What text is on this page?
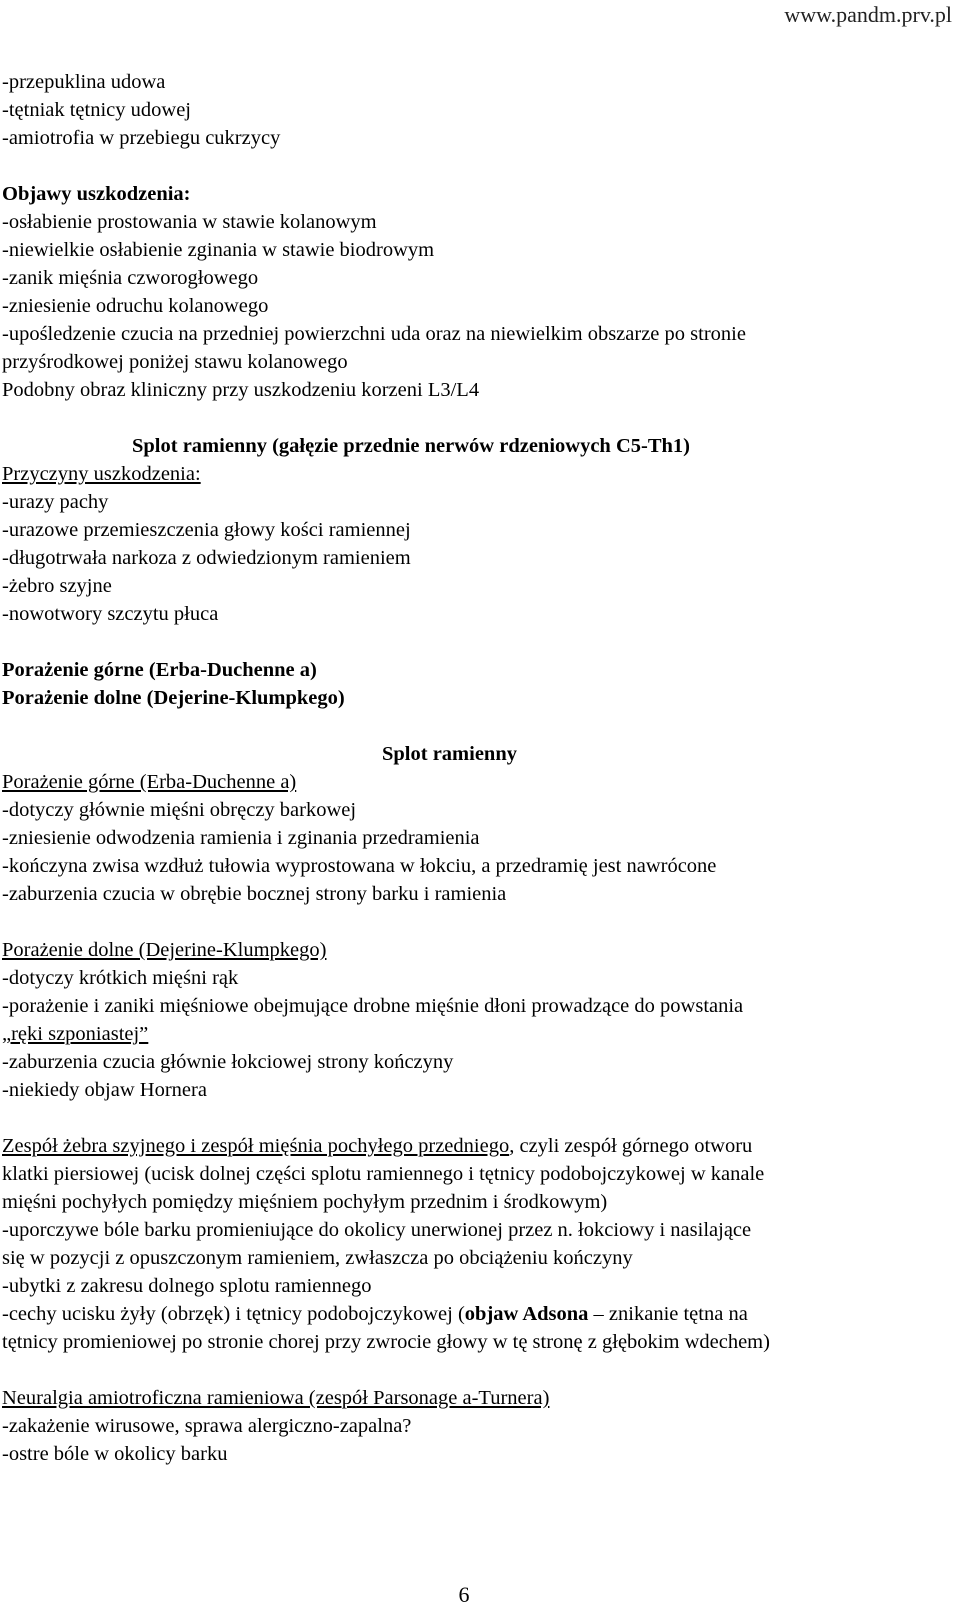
www.pandm.prv.pl
-przepuklina udowa
-tętniak tętnicy udowej
-amiotrofia w przebiegu cukrzycy
Objawy uszkodzenia:
-osłabienie prostowania w stawie kolanowym
-niewielkie osłabienie zginania w stawie biodrowym
-zanik mięśnia czworogłowego
-zniesienie odruchu kolanowego
-upośledzenie czucia na przedniej powierzchni uda oraz na niewielkim obszarze po stronie
przyśrodkowej poniżej stawu kolanowego
Podobny obraz kliniczny przy uszkodzeniu korzeni L3/L4
Splot ramienny (gałęzie przednie nerwów rdzeniowych C5-Th1)
Przyczyny uszkodzenia:
-urazy pachy
-urazowe przemieszczenia głowy kości ramiennej
-długotrwała narkoza z odwiedzionym ramieniem
-żebro szyjne
-nowotwory szczytu płuca
Porażenie górne (Erba-Duchenne a)
Porażenie dolne (Dejerine-Klumpkego)
Splot ramienny
Porażenie górne (Erba-Duchenne a)
-dotyczy głównie mięśni obręczy barkowej
-zniesienie odwodzenia ramienia i zginania przedramienia
-kończyna zwisa wzdłuż tułowia wyprostowana w łokciu, a przedramię jest nawrócone
-zaburzenia czucia w obrębie bocznej strony barku i ramienia
Porażenie dolne (Dejerine-Klumpkego)
-dotyczy krótkich mięśni rąk
-porażenie i zaniki mięśniowe obejmujące drobne mięśnie dłoni prowadzące do powstania
„ręki szponiastej”
-zaburzenia czucia głównie łokciowej strony kończyny
-niekiedy objaw Hornera
Zespół żebra szyjnego i zespół mięśnia pochyłego przedniego, czyli zespół górnego otworu
klatki piersiowej (ucisk dolnej części splotu ramiennego i tętnicy podobojczykowej w kanale
mięśni pochyłych pomiędzy mięśniem pochyłym przednim i środkowym)
-uporczywe bóle barku promieniujące do okolicy unerwionej przez n. łokciowy i nasilające
się w pozycji z opuszczonym ramieniem, zwłaszcza po obciążeniu kończyny
-ubytki z zakresu dolnego splotu ramiennego
-cechy ucisku żyły (obrzęk) i tętnicy podobojczykowej (objaw Adsona – znikanie tętna na
tętnicy promieniowej po stronie chorej przy zwrocie głowy w tę stronę z głębokim wdechem)
Neuralgia amiotroficzna ramieniowa (zespół Parsonage a-Turnera)
-zakażenie wirusowe, sprawa alergiczno-zapalna?
-ostre bóle w okolicy barku
6
